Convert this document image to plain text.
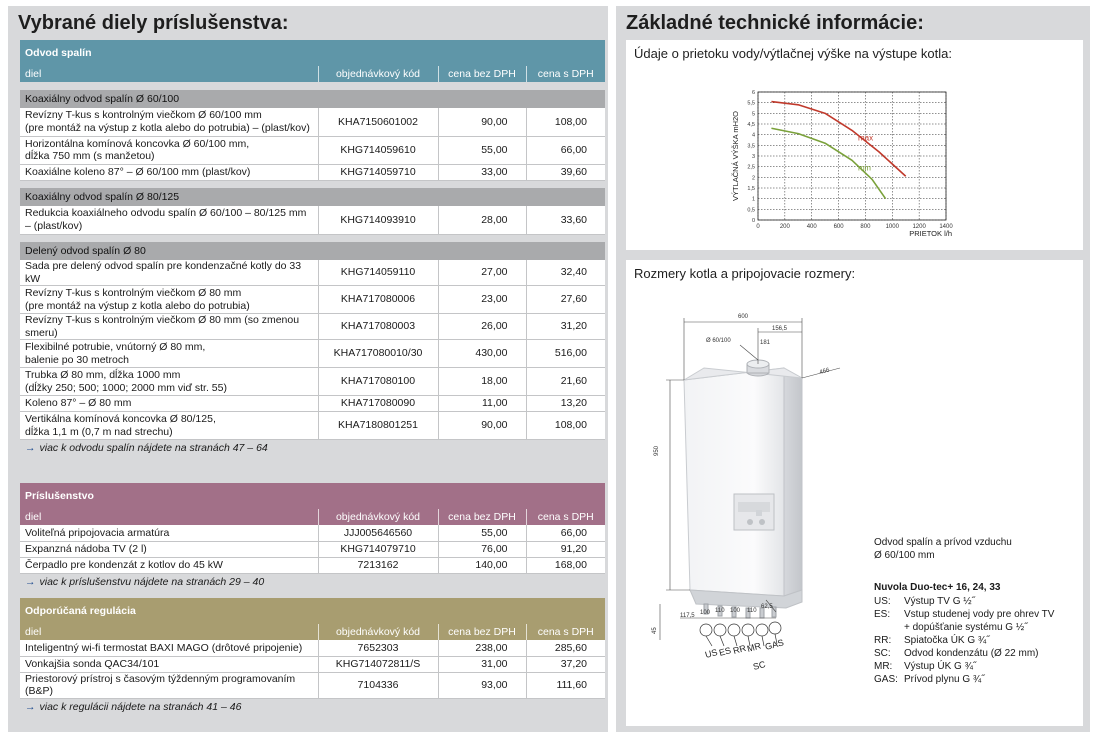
Vybrané diely príslušenstva:
Odvod spalín			
diel	objednávkový kód	cena bez DPH	cena s DPH

Koaxiálny odvod spalín Ø 60/100			

Revízny T-kus s kontrolným viečkom Ø 60/100 mm
(pre montáž na výstup z kotla alebo do potrubia) – (plast/kov)	KHA7150601002	90,00	108,00

Horizontálna komínová koncovka Ø 60/100 mm,
dĺžka 750 mm (s manžetou)	KHG714059610	55,00	66,00

Koaxiálne koleno 87° – Ø 60/100 mm (plast/kov)	KHG714059710	33,00	39,60

Koaxiálny odvod spalín Ø 80/125			

Redukcia koaxiálneho odvodu spalín Ø 60/100 – 80/125 mm
– (plast/kov)	KHG714093910	28,00	33,60

Delený odvod spalín Ø 80			

Sada pre delený odvod spalín pre kondenzačné kotly do 33 kW	KHG714059110	27,00	32,40

Revízny T-kus s kontrolným viečkom Ø 80 mm
(pre montáž na výstup z kotla alebo do potrubia)	KHA717080006	23,00	27,60

Revízny T-kus s kontrolným viečkom Ø 80 mm (so zmenou smeru)	KHA717080003	26,00	31,20

Flexibilné potrubie, vnútorný Ø 80 mm,
balenie po 30 metroch	KHA717080010/30	430,00	516,00

Trubka Ø 80 mm, dĺžka 1000 mm
(dĺžky 250; 500; 1000; 2000 mm viď str. 55)	KHA717080100	18,00	21,60

Koleno 87° – Ø 80 mm	KHA717080090	11,00	13,20

Vertikálna komínová koncovka Ø 80/125,
dĺžka 1,1 m (0,7 m nad strechu)	KHA7180801251	90,00	108,00
→ viac k odvodu spalín nájdete na stranách 47 – 64			
Príslušenstvo			
diel	objednávkový kód	cena bez DPH	cena s DPH

Voliteľná pripojovacia armatúra	JJJ005646560	55,00	66,00

Expanzná nádoba TV (2 l)	KHG714079710	76,00	91,20

Čerpadlo pre kondenzát z kotlov do 45 kW	7213162	140,00	168,00
→ viac k príslušenstvu nájdete na stranách 29 – 40			
Odporúčaná regulácia			
diel	objednávkový kód	cena bez DPH	cena s DPH

Inteligentný wi-fi termostat BAXI MAGO (drôtové pripojenie)	7652303	238,00	285,60

Vonkajšia sonda QAC34/101	KHG714072811/S	31,00	37,20

Priestorový prístroj s časovým týždenným programovaním (B&P)	7104336	93,00	111,60
→ viac k regulácii nájdete na stranách 41 – 46			
Základné technické informácie:
Údaje o prietoku vody/výtlačnej výške na výstupe kotla:
0	200	400	600	800	1000 1200 1400
0
0,5
1
1,5
2
2,5
3
3,5
4
4,5
5
5,5
6
PRIETOK l/h
VÝTLAČNÁ VÝŠKA mH2O	max
min
Rozmery kotla a pripojovacie rozmery:
600
156,5
181
Ø 60/100
466
950
45
117,5 100 110 100 110
62,5
US ES RR
MR GAS
SC
Odvod spalín a prívod vzduchu
Ø 60/100 mm
Nuvola Duo-tec+ 16, 24, 33
US:	Výstup TV G ½˝
ES:	Vstup studenej vody pre ohrev TV
+ dopúšťanie systému G ½˝
RR:	Spiatočka ÚK G ¾˝
SC:	Odvod kondenzátu (Ø 22 mm)
MR:	Výstup ÚK G ¾˝
GAS: Prívod plynu G ¾˝
